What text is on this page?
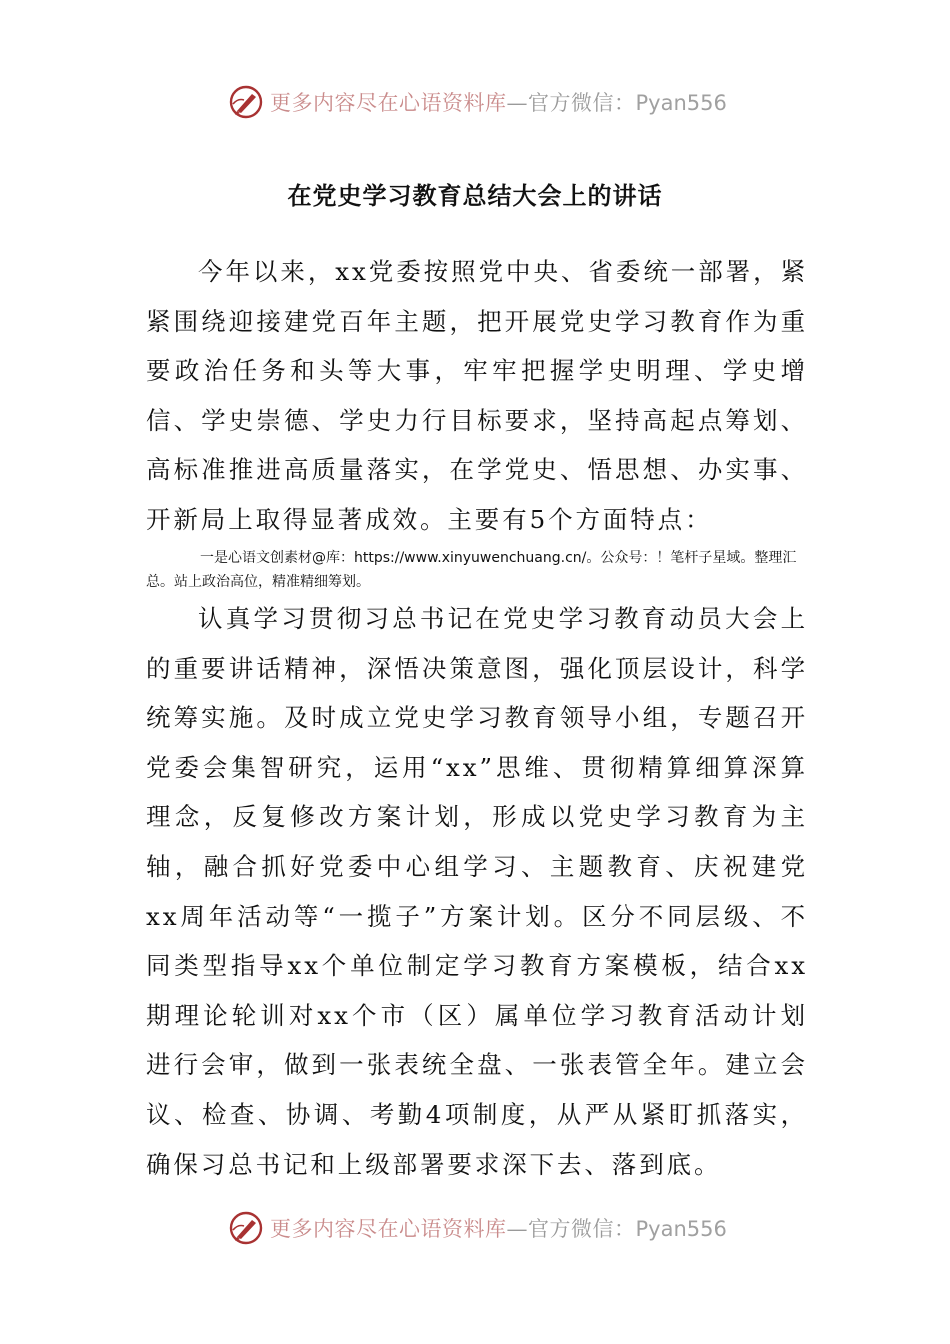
更多内容尽在心语资料库—官方微信：Pyan556
在党史学习教育总结大会上的讲话

今年以来，xx党委按照党中央、省委统一部署，紧紧围绕迎接建党百年主题，把开展党史学习教育作为重要政治任务和头等大事，牢牢把握学史明理、学史增信、学史崇德、学史力行目标要求，坚持高起点筹划、高标准推进高质量落实，在学党史、悟思想、办实事、开新局上取得显著成效。主要有5个方面特点：

一是心语文创素材@库：https://www.xinyuwenchuang.cn/。公众号：！笔杆子星域。整理汇总。站上政治高位，精准精细筹划。

认真学习贯彻习总书记在党史学习教育动员大会上的重要讲话精神，深悟决策意图，强化顶层设计，科学统筹实施。及时成立党史学习教育领导小组，专题召开党委会集智研究，运用“xx”思维、贯彻精算细算深算理念，反复修改方案计划，形成以党史学习教育为主轴，融合抓好党委中心组学习、主题教育、庆祝建党xx周年活动等“一揽子”方案计划。区分不同层级、不同类型指导xx个单位制定学习教育方案模板，结合xx期理论轮训对xx个市（区）属单位学习教育活动计划进行会审，做到一张表统全盘、一张表管全年。建立会议、检查、协调、考勤4项制度，从严从紧盯抓落实，确保习总书记和上级部署要求深下去、落到底。

更多内容尽在心语资料库—官方微信：Pyan556
